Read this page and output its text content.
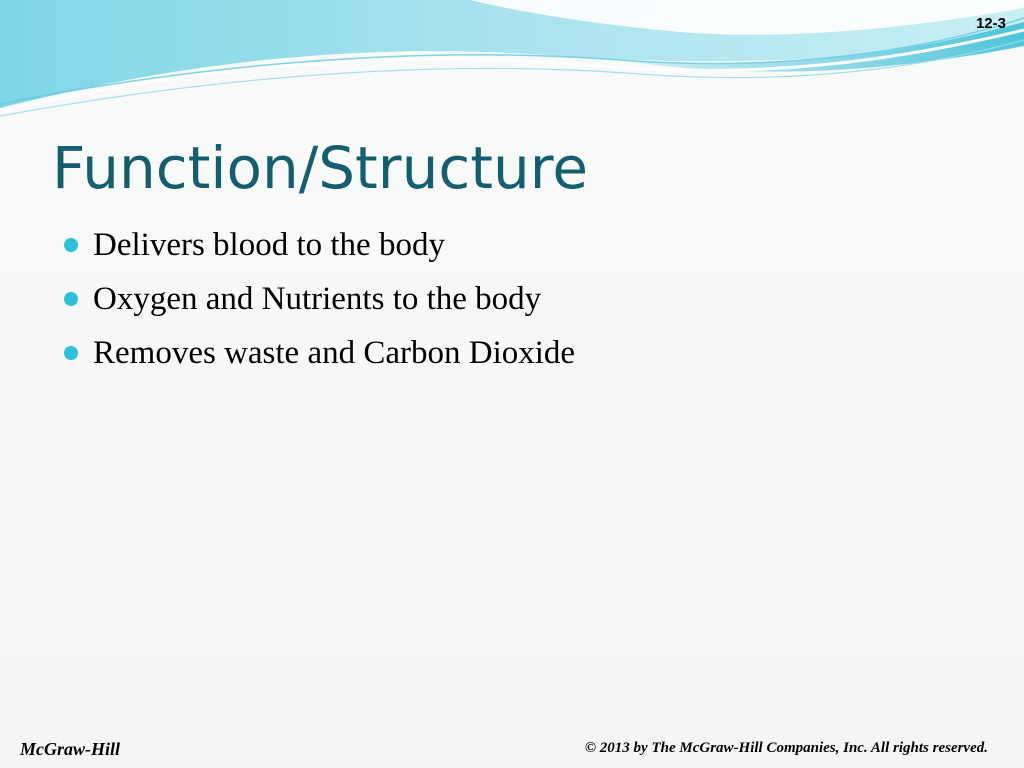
12-3
Function/Structure
Delivers blood to the body
Oxygen and Nutrients to the body
Removes waste and Carbon Dioxide
McGraw-Hill	© 2013 by The McGraw-Hill Companies, Inc. All rights reserved.
